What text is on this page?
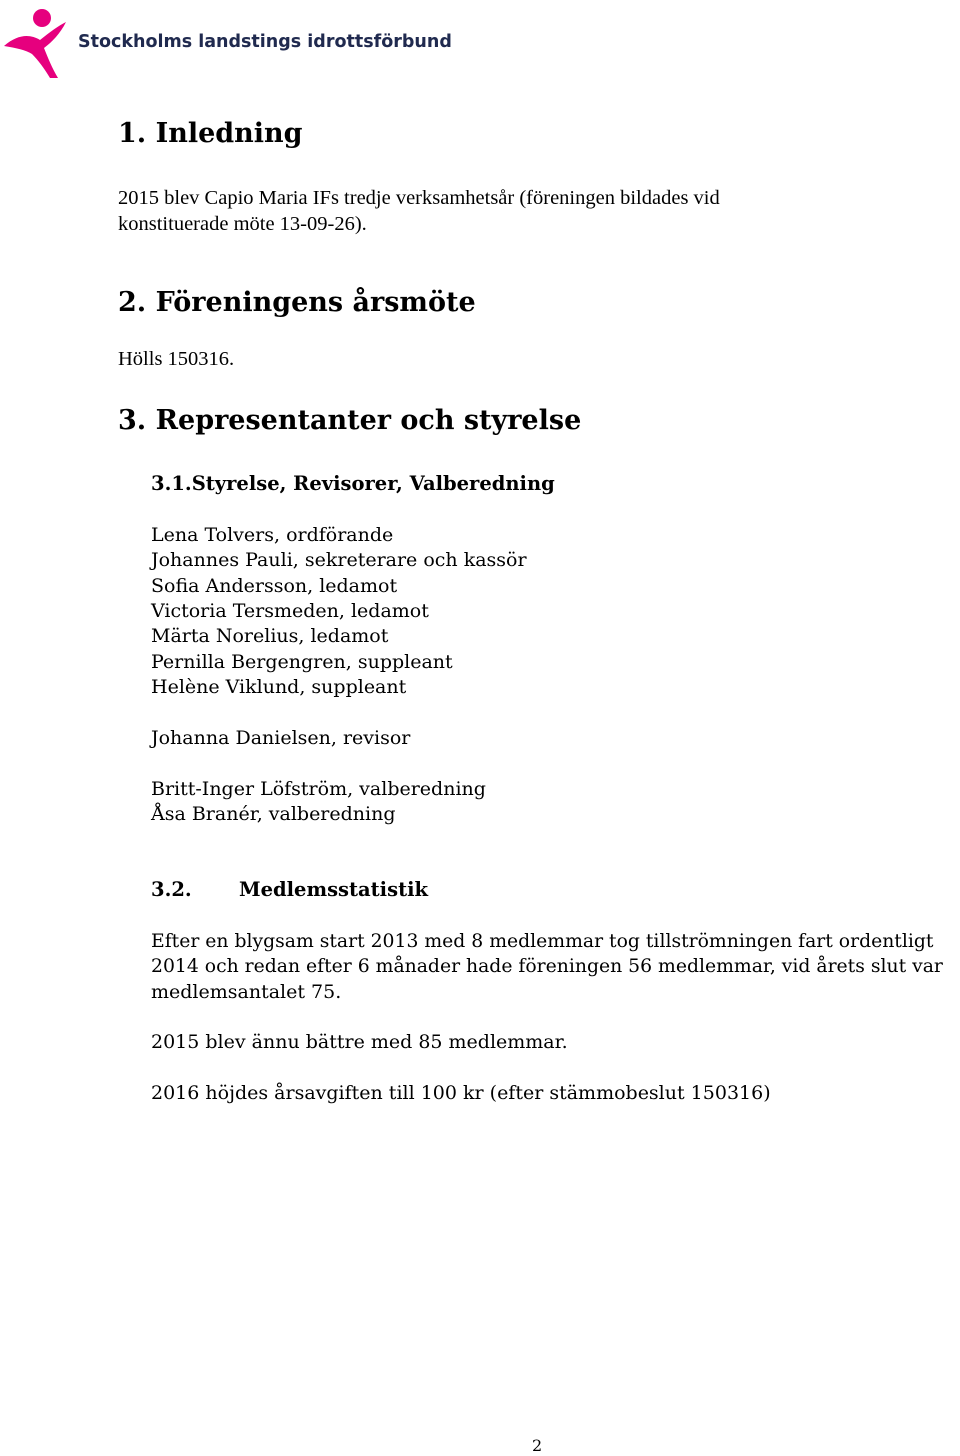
Stockholms landstings idrottsförbund
1. Inledning
2015 blev Capio Maria IFs tredje verksamhetsår (föreningen bildades vid
konstituerade möte 13-09-26).
2. Föreningens årsmöte
Hölls 150316.
3. Representanter och styrelse
3.1.Styrelse, Revisorer, Valberedning
Lena Tolvers, ordförande
Johannes Pauli, sekreterare och kassör
Sofia Andersson, ledamot
Victoria Tersmeden, ledamot
Märta Norelius, ledamot
Pernilla Bergengren, suppleant
Helène Viklund, suppleant
Johanna Danielsen, revisor
Britt-Inger Löfström, valberedning
Åsa Branér, valberedning
3.2. Medlemsstatistik
Efter en blygsam start 2013 med 8 medlemmar tog tillströmningen fart ordentligt
2014 och redan efter 6 månader hade föreningen 56 medlemmar, vid årets slut var
medlemsantalet 75.
2015 blev ännu bättre med 85 medlemmar.
2016 höjdes årsavgiften till 100 kr (efter stämmobeslut 150316)
2
